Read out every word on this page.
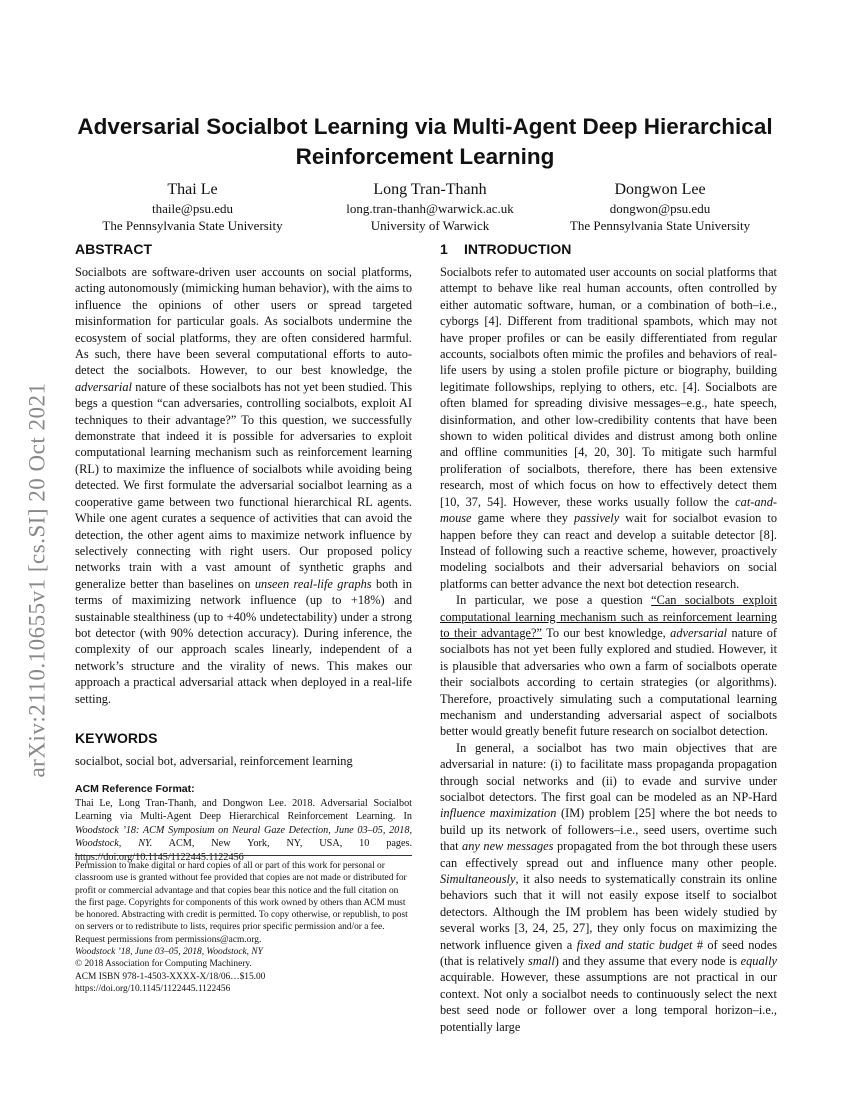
arXiv:2110.10655v1 [cs.SI] 20 Oct 2021
Adversarial Socialbot Learning via Multi-Agent Deep Hierarchical Reinforcement Learning
Thai Le
thaile@psu.edu
The Pennsylvania State University
Long Tran-Thanh
long.tran-thanh@warwick.ac.uk
University of Warwick
Dongwon Lee
dongwon@psu.edu
The Pennsylvania State University
ABSTRACT

Socialbots are software-driven user accounts on social platforms, acting autonomously (mimicking human behavior), with the aims to influence the opinions of other users or spread targeted misinformation for particular goals. As socialbots undermine the ecosystem of social platforms, they are often considered harmful. As such, there have been several computational efforts to auto-detect the socialbots. However, to our best knowledge, the adversarial nature of these socialbots has not yet been studied. This begs a question “can adversaries, controlling socialbots, exploit AI techniques to their advantage?” To this question, we successfully demonstrate that indeed it is possible for adversaries to exploit computational learning mechanism such as reinforcement learning (RL) to maximize the influence of socialbots while avoiding being detected. We first formulate the adversarial socialbot learning as a cooperative game between two functional hierarchical RL agents. While one agent curates a sequence of activities that can avoid the detection, the other agent aims to maximize network influence by selectively connecting with right users. Our proposed policy networks train with a vast amount of synthetic graphs and generalize better than baselines on unseen real-life graphs both in terms of maximizing network influence (up to +18%) and sustainable stealthiness (up to +40% undetectability) under a strong bot detector (with 90% detection accuracy). During inference, the complexity of our approach scales linearly, independent of a network’s structure and the virality of news. This makes our approach a practical adversarial attack when deployed in a real-life setting.

KEYWORDS

socialbot, social bot, adversarial, reinforcement learning

ACM Reference Format:

Thai Le, Long Tran-Thanh, and Dongwon Lee. 2018. Adversarial Socialbot Learning via Multi-Agent Deep Hierarchical Reinforcement Learning. In Woodstock ’18: ACM Symposium on Neural Gaze Detection, June 03–05, 2018, Woodstock, NY. ACM, New York, NY, USA, 10 pages. https://doi.org/10.1145/1122445.1122456

Permission to make digital or hard copies of all or part of this work for personal or classroom use is granted without fee provided that copies are not made or distributed for profit or commercial advantage and that copies bear this notice and the full citation on the first page. Copyrights for components of this work owned by others than ACM must be honored. Abstracting with credit is permitted. To copy otherwise, or republish, to post on servers or to redistribute to lists, requires prior specific permission and/or a fee. Request permissions from permissions@acm.org.

Woodstock ’18, June 03–05, 2018, Woodstock, NY

© 2018 Association for Computing Machinery.

ACM ISBN 978-1-4503-XXXX-X/18/06…$15.00

https://doi.org/10.1145/1122445.1122456

1 INTRODUCTION

Socialbots refer to automated user accounts on social platforms that attempt to behave like real human accounts, often controlled by either automatic software, human, or a combination of both–i.e., cyborgs [4]. Different from traditional spambots, which may not have proper profiles or can be easily differentiated from regular accounts, socialbots often mimic the profiles and behaviors of real-life users by using a stolen profile picture or biography, building legitimate followships, replying to others, etc. [4]. Socialbots are often blamed for spreading divisive messages–e.g., hate speech, disinformation, and other low-credibility contents that have been shown to widen political divides and distrust among both online and offline communities [4, 20, 30]. To mitigate such harmful proliferation of socialbots, therefore, there has been extensive research, most of which focus on how to effectively detect them [10, 37, 54]. However, these works usually follow the cat-and-mouse game where they passively wait for socialbot evasion to happen before they can react and develop a suitable detector [8]. Instead of following such a reactive scheme, however, proactively modeling socialbots and their adversarial behaviors on social platforms can better advance the next bot detection research.

In particular, we pose a question “Can socialbots exploit computational learning mechanism such as reinforcement learning to their advantage?” To our best knowledge, adversarial nature of socialbots has not yet been fully explored and studied. However, it is plausible that adversaries who own a farm of socialbots operate their socialbots according to certain strategies (or algorithms). Therefore, proactively simulating such a computational learning mechanism and understanding adversarial aspect of socialbots better would greatly benefit future research on socialbot detection.

In general, a socialbot has two main objectives that are adversarial in nature: (i) to facilitate mass propaganda propagation through social networks and (ii) to evade and survive under socialbot detectors. The first goal can be modeled as an NP-Hard influence maximization (IM) problem [25] where the bot needs to build up its network of followers–i.e., seed users, overtime such that any new messages propagated from the bot through these users can effectively spread out and influence many other people. Simultaneously, it also needs to systematically constrain its online behaviors such that it will not easily expose itself to socialbot detectors. Although the IM problem has been widely studied by several works [3, 24, 25, 27], they only focus on maximizing the network influence given a fixed and static budget # of seed nodes (that is relatively small) and they assume that every node is equally acquirable. However, these assumptions are not practical in our context. Not only a socialbot needs to continuously select the next best seed node or follower over a long temporal horizon–i.e., potentially large
